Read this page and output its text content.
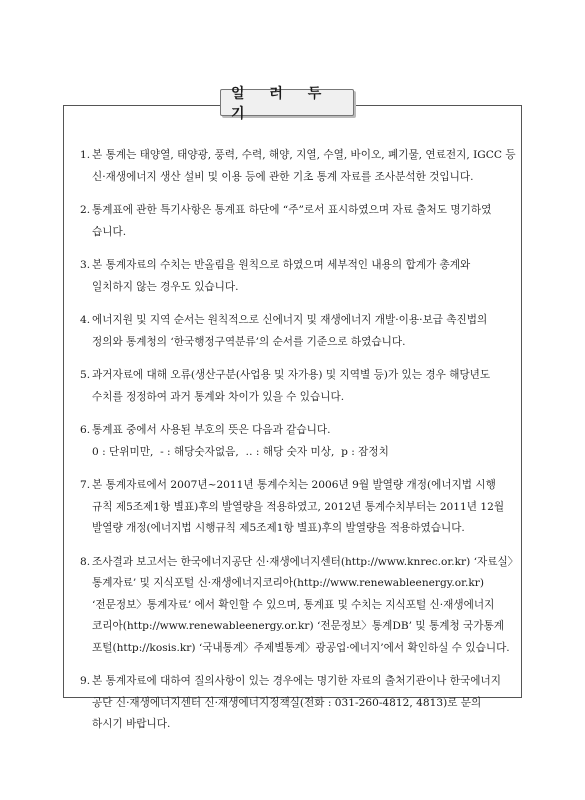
일 러 두 기
1. 본 통계는 태양열, 태양광, 풍력, 수력, 해양, 지열, 수열, 바이오, 폐기물, 연료전지, IGCC 등
신·재생에너지 생산 설비 및 이용 등에 관한 기초 통계 자료를 조사분석한 것입니다.
2. 통계표에 관한 특기사항은 통계표 하단에 “주”로서 표시하였으며 자료 출처도 명기하였
습니다.
3. 본 통계자료의 수치는 반올림을 원칙으로 하였으며 세부적인 내용의 합계가 총계와
일치하지 않는 경우도 있습니다.
4. 에너지원 및 지역 순서는 원칙적으로 신에너지 및 재생에너지 개발·이용·보급 촉진법의
정의와 통계청의 ‘한국행정구역분류’의 순서를 기준으로 하였습니다.
5. 과거자료에 대해 오류(생산구분(사업용 및 자가용) 및 지역별 등)가 있는 경우 해당년도
수치를 정정하여 과거 통계와 차이가 있을 수 있습니다.
6. 통계표 중에서 사용된 부호의 뜻은 다음과 같습니다.
0 : 단위미만,  - : 해당숫자없음,  ‥ : 해당 숫자 미상,  p : 잠정치
7. 본 통계자료에서 2007년~2011년 통계수치는 2006년 9월 발열량 개정(에너지법 시행
규칙 제5조제1항 별표)후의 발열량을 적용하였고, 2012년 통계수치부터는 2011년 12월
발열량 개정(에너지법 시행규칙 제5조제1항 별표)후의 발열량을 적용하였습니다.
8. 조사결과 보고서는 한국에너지공단 신·재생에너지센터(http://www.knrec.or.kr) ‘자료실〉
통계자료’ 및 지식포털 신·재생에너지코리아(http://www.renewableenergy.or.kr)
‘전문정보〉통계자료’ 에서 확인할 수 있으며, 통계표 및 수치는 지식포털 신·재생에너지
코리아(http://www.renewableenergy.or.kr) ‘전문정보〉통계DB’ 및 통계청 국가통계
포털(http://kosis.kr) ‘국내통계〉주제별통계〉광공업·에너지’에서 확인하실 수 있습니다.
9. 본 통계자료에 대하여 질의사항이 있는 경우에는 명기한 자료의 출처기관이나 한국에너지
공단 신·재생에너지센터 신·재생에너지정책실(전화 : 031-260-4812, 4813)로 문의
하시기 바랍니다.
